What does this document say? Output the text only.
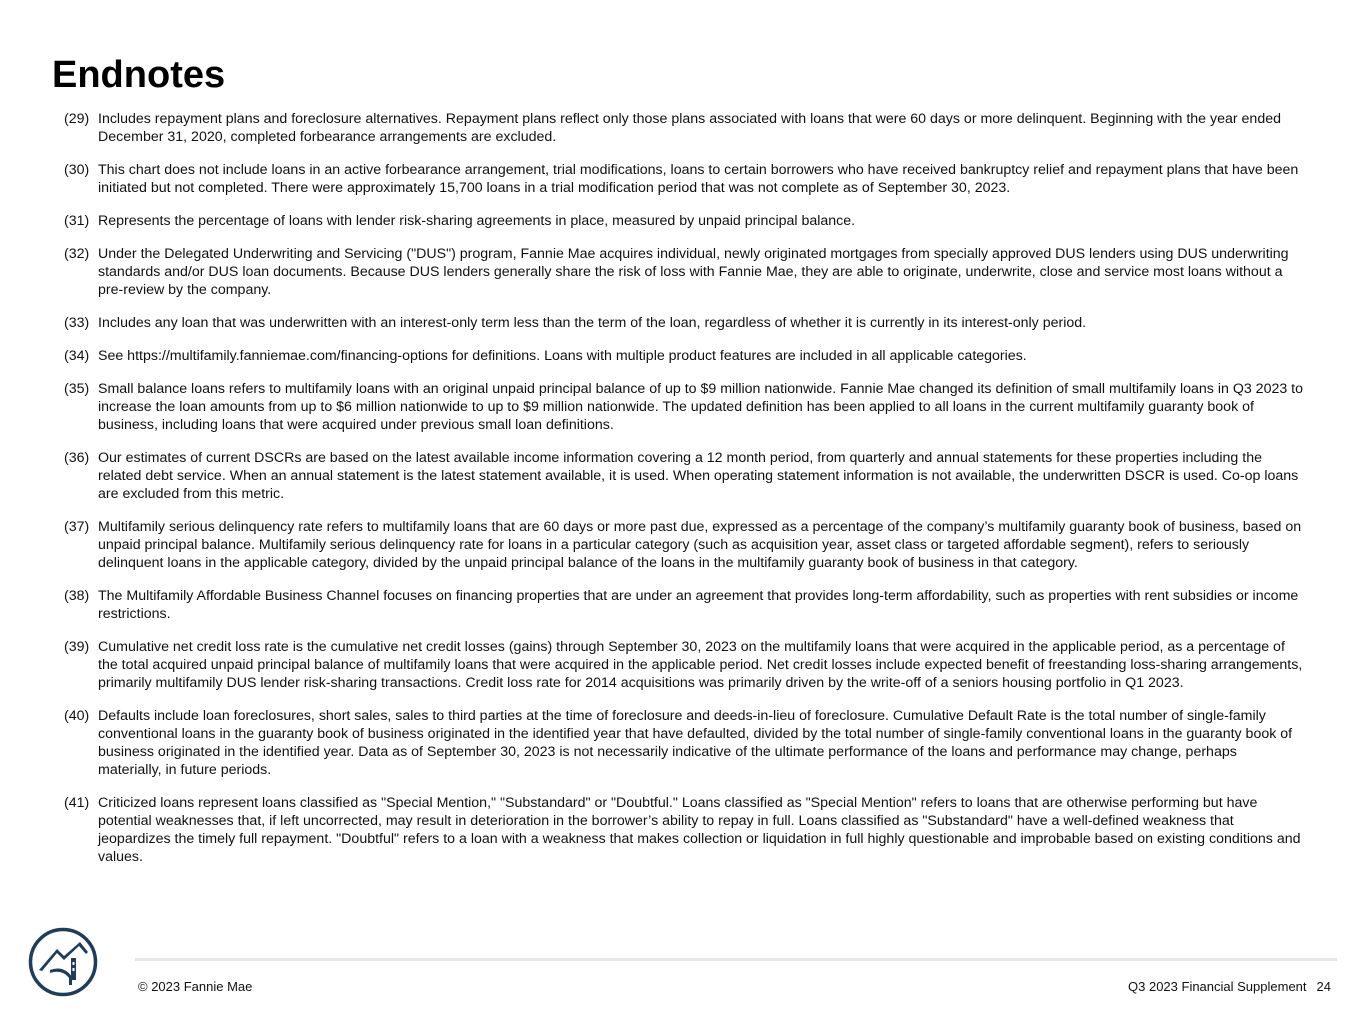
Endnotes
(29) Includes repayment plans and foreclosure alternatives. Repayment plans reflect only those plans associated with loans that were 60 days or more delinquent. Beginning with the year ended December 31, 2020, completed forbearance arrangements are excluded.
(30) This chart does not include loans in an active forbearance arrangement, trial modifications, loans to certain borrowers who have received bankruptcy relief and repayment plans that have been initiated but not completed. There were approximately 15,700 loans in a trial modification period that was not complete as of September 30, 2023.
(31) Represents the percentage of loans with lender risk-sharing agreements in place, measured by unpaid principal balance.
(32) Under the Delegated Underwriting and Servicing ("DUS") program, Fannie Mae acquires individual, newly originated mortgages from specially approved DUS lenders using DUS underwriting standards and/or DUS loan documents. Because DUS lenders generally share the risk of loss with Fannie Mae, they are able to originate, underwrite, close and service most loans without a pre-review by the company.
(33) Includes any loan that was underwritten with an interest-only term less than the term of the loan, regardless of whether it is currently in its interest-only period.
(34) See https://multifamily.fanniemae.com/financing-options for definitions. Loans with multiple product features are included in all applicable categories.
(35) Small balance loans refers to multifamily loans with an original unpaid principal balance of up to $9 million nationwide. Fannie Mae changed its definition of small multifamily loans in Q3 2023 to increase the loan amounts from up to $6 million nationwide to up to $9 million nationwide. The updated definition has been applied to all loans in the current multifamily guaranty book of business, including loans that were acquired under previous small loan definitions.
(36) Our estimates of current DSCRs are based on the latest available income information covering a 12 month period, from quarterly and annual statements for these properties including the related debt service. When an annual statement is the latest statement available, it is used. When operating statement information is not available, the underwritten DSCR is used. Co-op loans are excluded from this metric.
(37) Multifamily serious delinquency rate refers to multifamily loans that are 60 days or more past due, expressed as a percentage of the company’s multifamily guaranty book of business, based on unpaid principal balance. Multifamily serious delinquency rate for loans in a particular category (such as acquisition year, asset class or targeted affordable segment), refers to seriously delinquent loans in the applicable category, divided by the unpaid principal balance of the loans in the multifamily guaranty book of business in that category.
(38) The Multifamily Affordable Business Channel focuses on financing properties that are under an agreement that provides long-term affordability, such as properties with rent subsidies or income restrictions.
(39) Cumulative net credit loss rate is the cumulative net credit losses (gains) through September 30, 2023 on the multifamily loans that were acquired in the applicable period, as a percentage of the total acquired unpaid principal balance of multifamily loans that were acquired in the applicable period. Net credit losses include expected benefit of freestanding loss-sharing arrangements, primarily multifamily DUS lender risk-sharing transactions. Credit loss rate for 2014 acquisitions was primarily driven by the write-off of a seniors housing portfolio in Q1 2023.
(40) Defaults include loan foreclosures, short sales, sales to third parties at the time of foreclosure and deeds-in-lieu of foreclosure. Cumulative Default Rate is the total number of single-family conventional loans in the guaranty book of business originated in the identified year that have defaulted, divided by the total number of single-family conventional loans in the guaranty book of business originated in the identified year. Data as of September 30, 2023 is not necessarily indicative of the ultimate performance of the loans and performance may change, perhaps materially, in future periods.
(41) Criticized loans represent loans classified as "Special Mention," "Substandard" or "Doubtful." Loans classified as "Special Mention" refers to loans that are otherwise performing but have potential weaknesses that, if left uncorrected, may result in deterioration in the borrower’s ability to repay in full. Loans classified as "Substandard" have a well-defined weakness that jeopardizes the timely full repayment. "Doubtful" refers to a loan with a weakness that makes collection or liquidation in full highly questionable and improbable based on existing conditions and values.
© 2023 Fannie Mae	Q3 2023 Financial Supplement 24
